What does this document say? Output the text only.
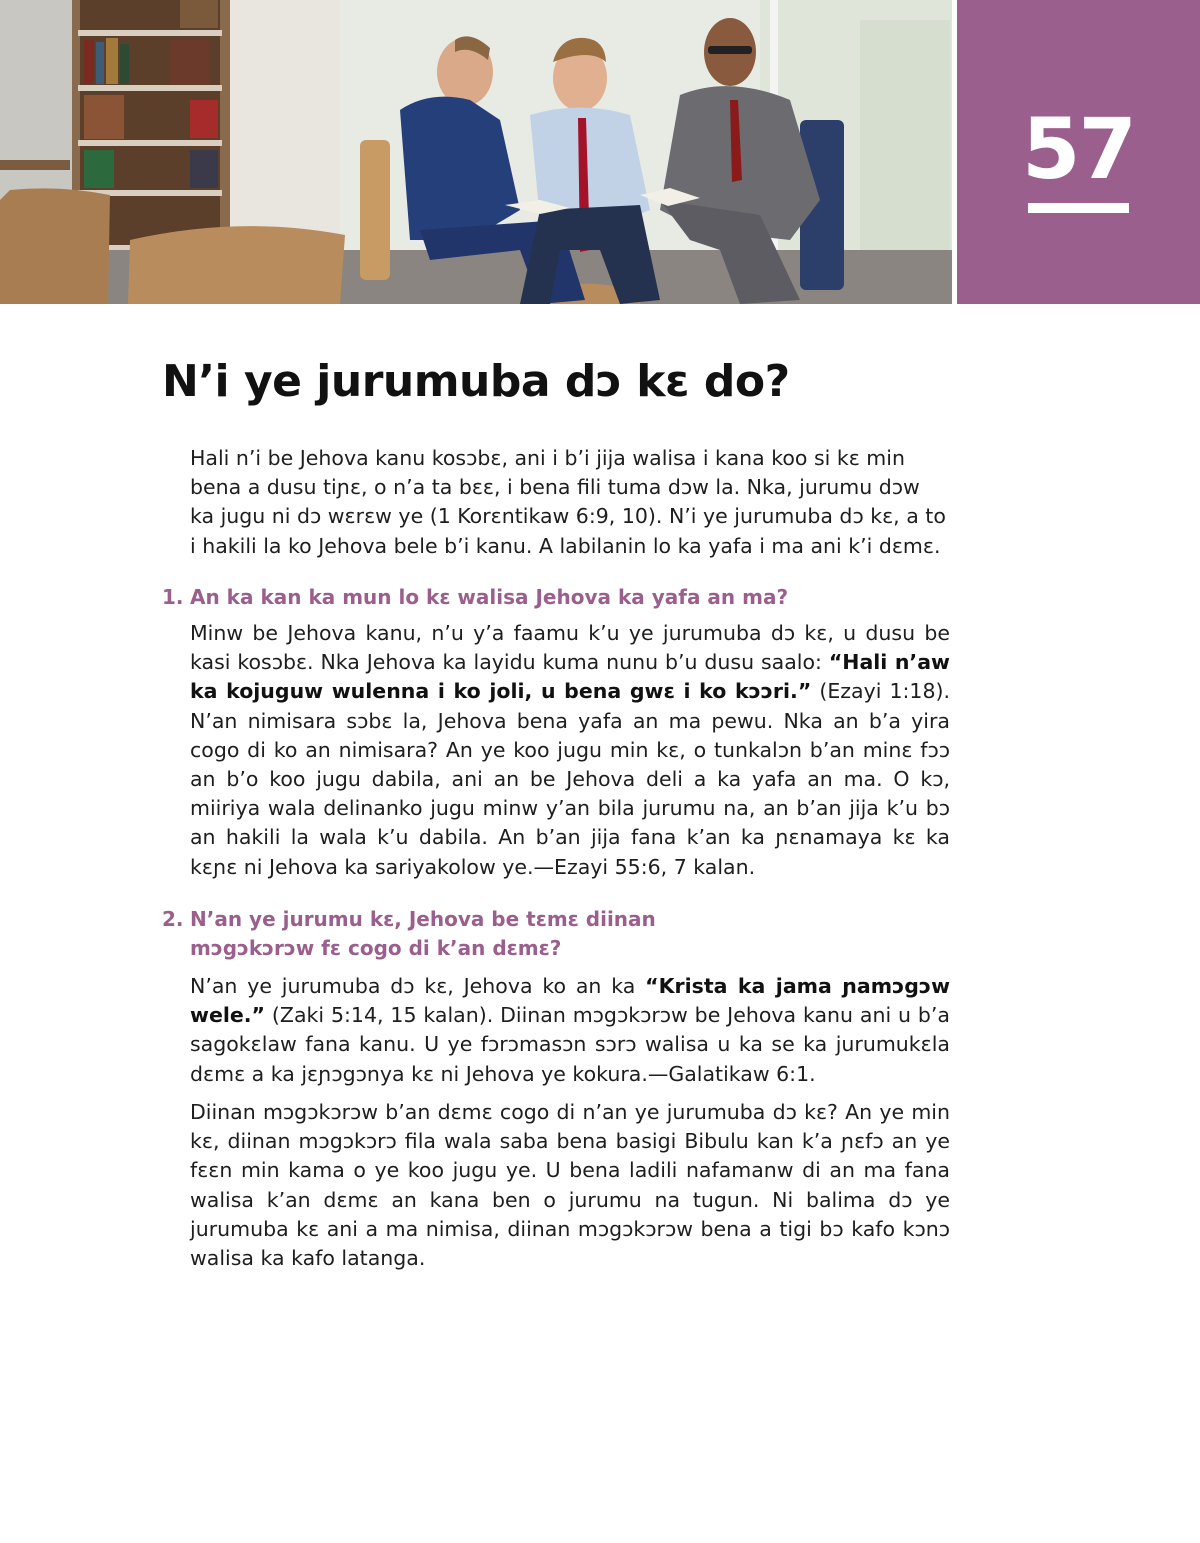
57
N’i ye jurumuba dɔ kɛ do?

Hali n’i be Jehova kanu kosɔbɛ, ani i b’i jija walisa i kana koo si kɛ min bena a dusu tiɲɛ, o n’a ta bɛɛ, i bena fili tuma dɔw la. Nka, jurumu dɔw ka jugu ni dɔ wɛrɛw ye (1 Korɛntikaw 6:9, 10). N’i ye jurumuba dɔ kɛ, a to i hakili la ko Jehova bele b’i kanu. A labilanin lo ka yafa i ma ani k’i dɛmɛ.

1. An ka kan ka mun lo kɛ walisa Jehova ka yafa an ma?

Minw be Jehova kanu, n’u y’a faamu k’u ye jurumuba dɔ kɛ, u dusu be kasi kosɔbɛ. Nka Jehova ka layidu kuma nunu b’u dusu saalo: “Hali n’aw ka kojuguw wulenna i ko joli, u bena gwɛ i ko kɔɔri.” (Ezayi 1:18). N’an nimisara sɔbɛ la, Jehova bena yafa an ma pewu. Nka an b’a yira cogo di ko an nimisara? An ye koo jugu min kɛ, o tunkalɔn b’an minɛ fɔɔ an b’o koo jugu dabila, ani an be Jehova deli a ka yafa an ma. O kɔ, miiriya wala delinanko jugu minw y’an bila jurumu na, an b’an jija k’u bɔ an hakili la wala k’u dabila. An b’an jija fana k’an ka ɲɛnamaya kɛ ka kɛɲɛ ni Jehova ka sariyakolow ye.—Ezayi 55:6, 7 kalan.

2. N’an ye jurumu kɛ, Jehova be tɛmɛ diinan
mɔgɔkɔrɔw fɛ cogo di k’an dɛmɛ?

N’an ye jurumuba dɔ kɛ, Jehova ko an ka “Krista ka jama ɲamɔgɔw wele.” (Zaki 5:14, 15 kalan). Diinan mɔgɔkɔrɔw be Jehova kanu ani u b’a sagokɛlaw fana kanu. U ye fɔrɔmasɔn sɔrɔ walisa u ka se ka jurumukɛla dɛmɛ a ka jɛɲɔgɔnya kɛ ni Jehova ye kokura.—Galatikaw 6:1.

Diinan mɔgɔkɔrɔw b’an dɛmɛ cogo di n’an ye jurumuba dɔ kɛ? An ye min kɛ, diinan mɔgɔkɔrɔ fila wala saba bena basigi Bibulu kan k’a ɲɛfɔ an ye fɛɛn min kama o ye koo jugu ye. U bena ladili nafamanw di an ma fana walisa k’an dɛmɛ an kana ben o jurumu na tugun. Ni balima dɔ ye jurumuba kɛ ani a ma nimisa, diinan mɔgɔkɔrɔw bena a tigi bɔ kafo kɔnɔ walisa ka kafo latanga.
